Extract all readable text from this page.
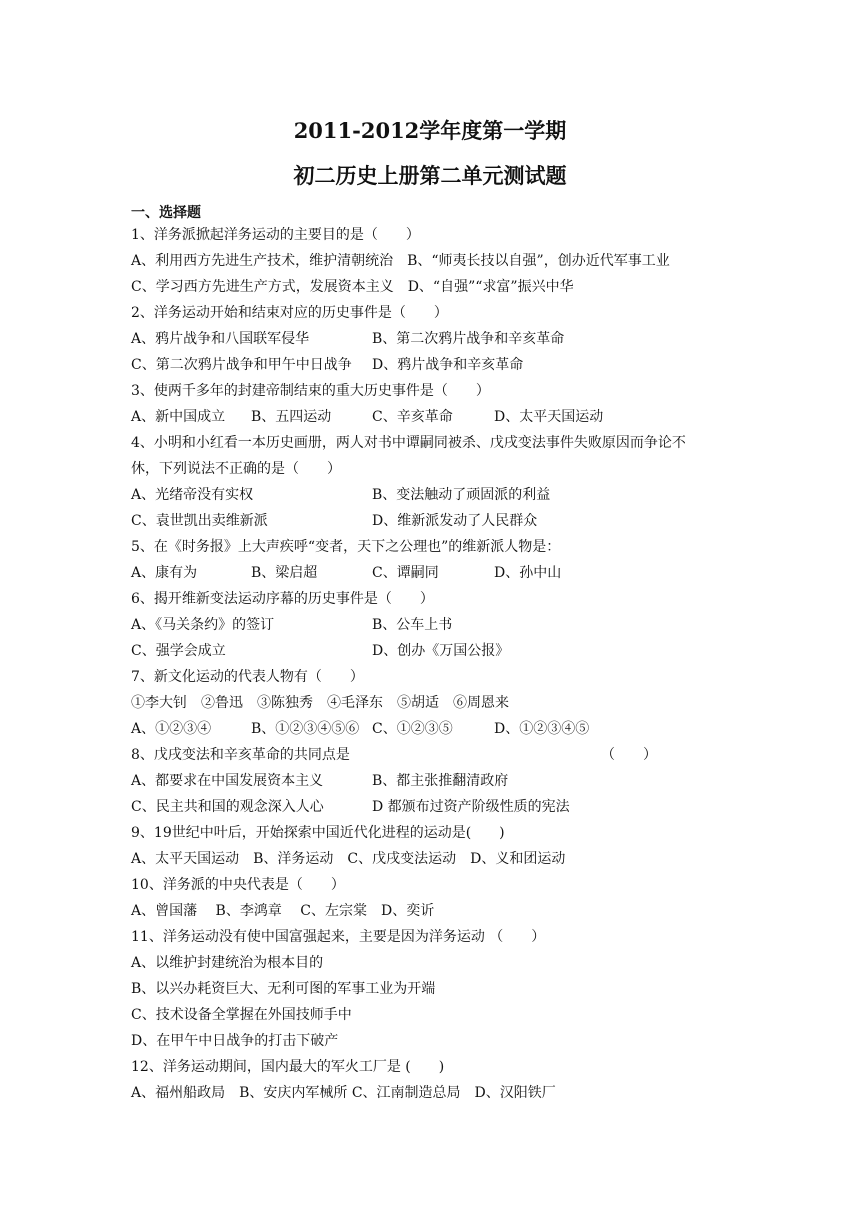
2011-2012学年度第一学期
初二历史上册第二单元测试题
一、选择题
1、洋务派掀起洋务运动的主要目的是（　　）
A、利用西方先进生产技术，维护清朝统治　B、“师夷长技以自强”，创办近代军事工业
C、学习西方先进生产方式，发展资本主义　D、“自强”“求富”振兴中华
2、洋务运动开始和结束对应的历史事件是（　　）
A、鸦片战争和八国联军侵华	B、第二次鸦片战争和辛亥革命
C、第二次鸦片战争和甲午中日战争 D、鸦片战争和辛亥革命
3、使两千多年的封建帝制结束的重大历史事件是（　　）
A、新中国成立 B、五四运动	C、辛亥革命	D、太平天国运动
4、小明和小红看一本历史画册，两人对书中谭嗣同被杀、戊戌变法事件失败原因而争论不
休，下列说法不正确的是（　　）
A、光绪帝没有实权	B、变法触动了顽固派的利益
C、袁世凯出卖维新派	D、维新派发动了人民群众
5、在《时务报》上大声疾呼“变者，天下之公理也”的维新派人物是：
A、康有为	B、梁启超	C、谭嗣同	D、孙中山
6、揭开维新变法运动序幕的历史事件是（　　）
A、《马关条约》的签订	B、公车上书
C、强学会成立	D、创办《万国公报》
7、新文化运动的代表人物有（　　）
①李大钊　②鲁迅　③陈独秀　④毛泽东　⑤胡适　⑥周恩来
A、①②③④	B、①②③④⑤⑥ C、①②③⑤	D、①②③④⑤
8、戊戌变法和辛亥革命的共同点是	（　　）
A、都要求在中国发展资本主义	B、都主张推翻清政府
C、民主共和国的观念深入人心	D 都颁布过资产阶级性质的宪法
9、19世纪中叶后，开始探索中国近代化进程的运动是(　　)
A、太平天国运动　B、洋务运动　C、戊戌变法运动　D、义和团运动
10、洋务派的中央代表是（　　）
A、曾国藩　 B、李鸿章　 C、左宗棠　D、奕䜣
11、洋务运动没有使中国富强起来，主要是因为洋务运动 （　　）
A、以维护封建统治为根本目的
B、以兴办耗资巨大、无利可图的军事工业为开端
C、技术设备全掌握在外国技师手中
D、在甲午中日战争的打击下破产
12、洋务运动期间，国内最大的军火工厂是 (　　)
A、福州船政局　B、安庆内军械所 C、江南制造总局　D、汉阳铁厂
